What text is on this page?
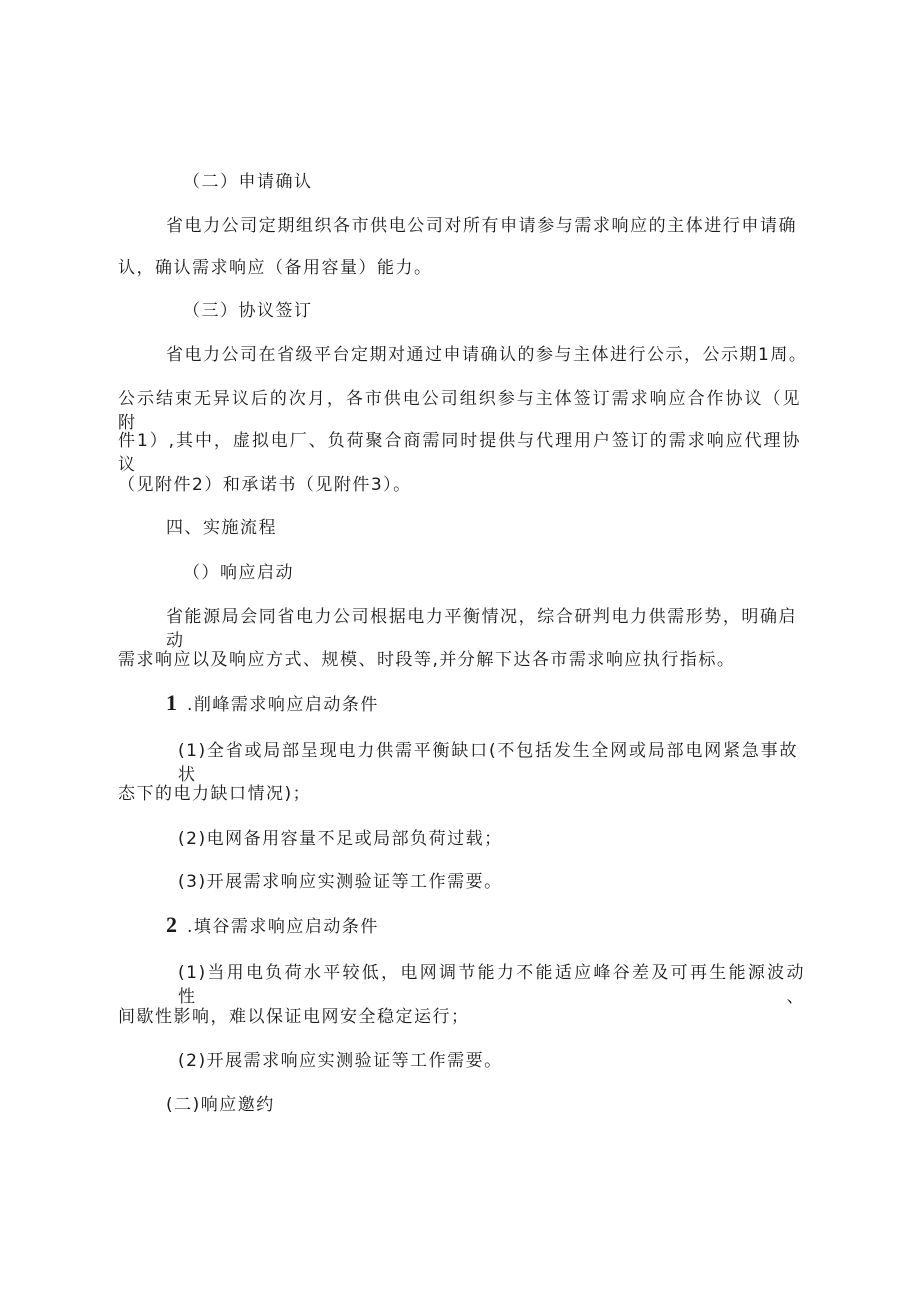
（二）申请确认
省电力公司定期组织各市供电公司对所有申请参与需求响应的主体进行申请确
认，确认需求响应（备用容量）能力。
（三）协议签订
省电力公司在省级平台定期对通过申请确认的参与主体进行公示，公示期1周。
公示结束无异议后的次月，各市供电公司组织参与主体签订需求响应合作协议（见附
件1）,其中，虚拟电厂、负荷聚合商需同时提供与代理用户签订的需求响应代理协议
（见附件2）和承诺书（见附件3）。
四、实施流程
（）响应启动
省能源局会同省电力公司根据电力平衡情况，综合研判电力供需形势，明确启动
需求响应以及响应方式、规模、时段等,并分解下达各市需求响应执行指标。
1 .削峰需求响应启动条件
(1)全省或局部呈现电力供需平衡缺口(不包括发生全网或局部电网紧急事故状
态下的电力缺口情况)；
(2)电网备用容量不足或局部负荷过载；
(3)开展需求响应实测验证等工作需要。
2 .填谷需求响应启动条件
(1)当用电负荷水平较低，电网调节能力不能适应峰谷差及可再生能源波动性、
间歇性影响，难以保证电网安全稳定运行；
(2)开展需求响应实测验证等工作需要。
(二)响应邀约
